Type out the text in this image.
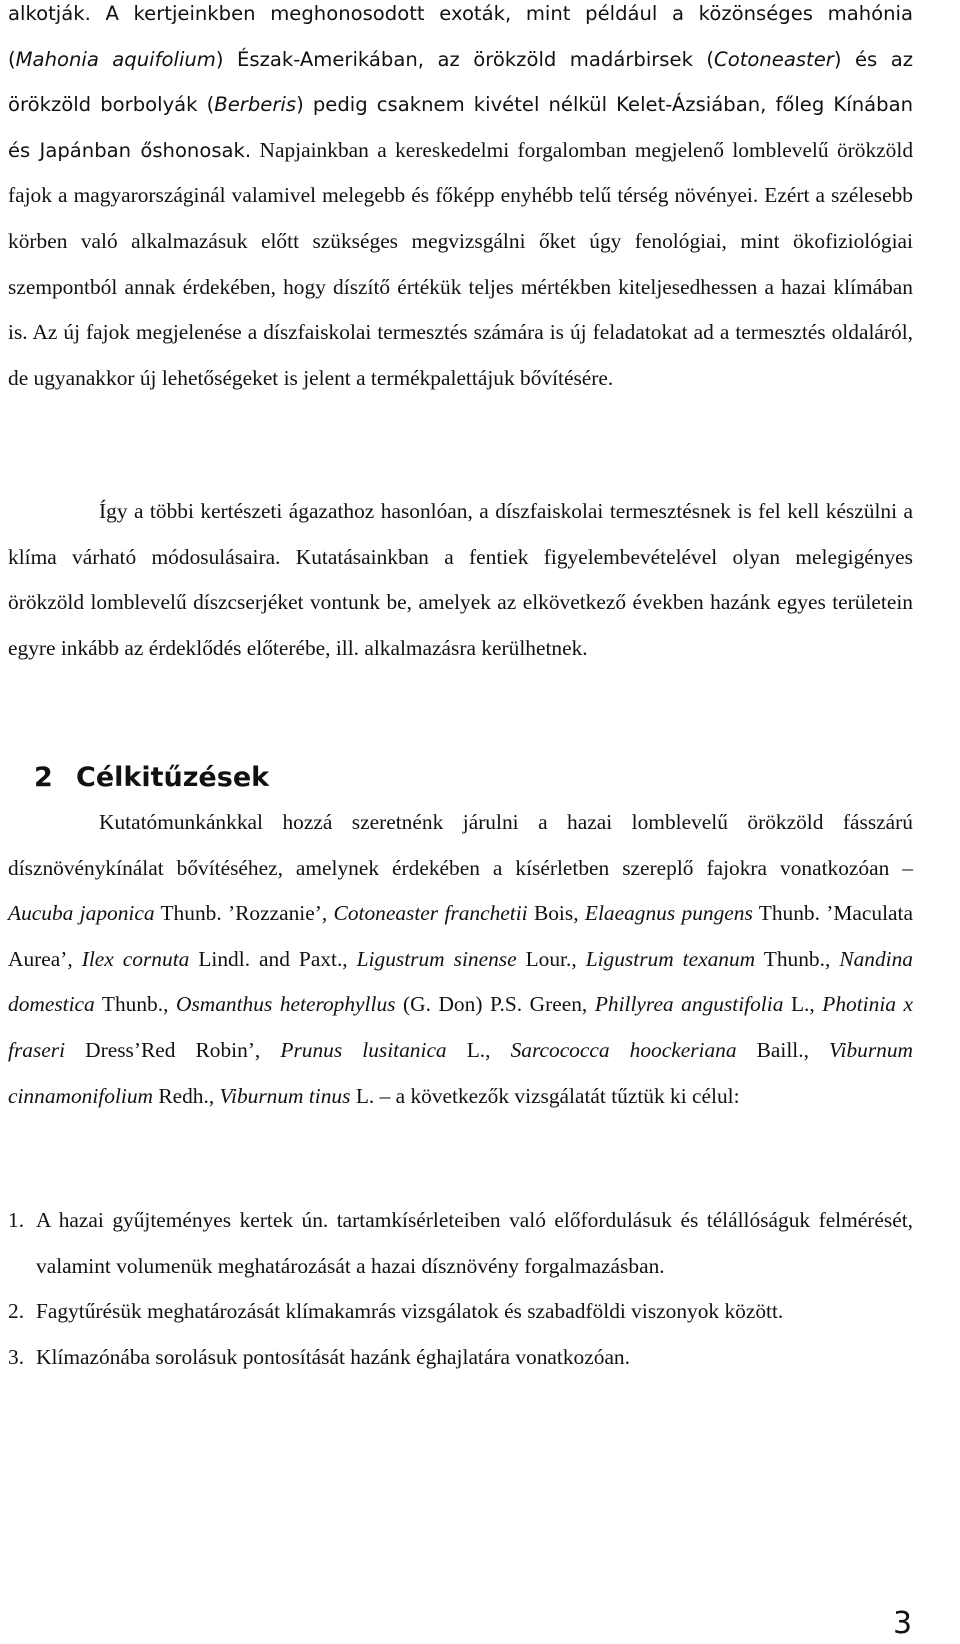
alkotják. A kertjeinkben meghonosodott exoták, mint például a közönséges mahónia (Mahonia aquifolium) Észak-Amerikában, az örökzöld madárbirsek (Cotoneaster) és az örökzöld borbolyák (Berberis) pedig csaknem kivétel nélkül Kelet-Ázsiában, főleg Kínában és Japánban őshonosak. Napjainkban a kereskedelmi forgalomban megjelenő lomblevelű örökzöld fajok a magyarországinál valamivel melegebb és főképp enyhébb telű térség növényei. Ezért a szélesebb körben való alkalmazásuk előtt szükséges megvizsgálni őket úgy fenológiai, mint ökofiziológiai szempontból annak érdekében, hogy díszítő értékük teljes mértékben kiteljesedhessen a hazai klímában is. Az új fajok megjelenése a díszfaiskolai termesztés számára is új feladatokat ad a termesztés oldaláról, de ugyanakkor új lehetőségeket is jelent a termékpalettájuk bővítésére.

Így a többi kertészeti ágazathoz hasonlóan, a díszfaiskolai termesztésnek is fel kell készülni a klíma várható módosulásaira. Kutatásainkban a fentiek figyelembevételével olyan melegigényes örökzöld lomblevelű díszcserjéket vontunk be, amelyek az elkövetkező években hazánk egyes területein egyre inkább az érdeklődés előterébe, ill. alkalmazásra kerülhetnek.

2 Célkitűzések

Kutatómunkánkkal hozzá szeretnénk járulni a hazai lomblevelű örökzöld fásszárú dísznövénykínálat bővítéséhez, amelynek érdekében a kísérletben szereplő fajokra vonatkozóan – Aucuba japonica Thunb. ’Rozzanie’, Cotoneaster franchetii Bois, Elaeagnus pungens Thunb. ’Maculata Aurea’, Ilex cornuta Lindl. and Paxt., Ligustrum sinense Lour., Ligustrum texanum Thunb., Nandina domestica Thunb., Osmanthus heterophyllus (G. Don) P.S. Green, Phillyrea angustifolia L., Photinia x fraseri Dress’Red Robin’, Prunus lusitanica L., Sarcococca hoockeriana Baill., Viburnum cinnamonifolium Redh., Viburnum tinus L. – a következők vizsgálatát tűztük ki célul:

1. A hazai gyűjteményes kertek ún. tartamkísérleteiben való előfordulásuk és télállóságuk felmérését, valamint volumenük meghatározását a hazai dísznövény forgalmazásban.
2. Fagytűrésük meghatározását klímakamrás vizsgálatok és szabadföldi viszonyok között.
3. Klímazónába sorolásuk pontosítását hazánk éghajlatára vonatkozóan.
3
